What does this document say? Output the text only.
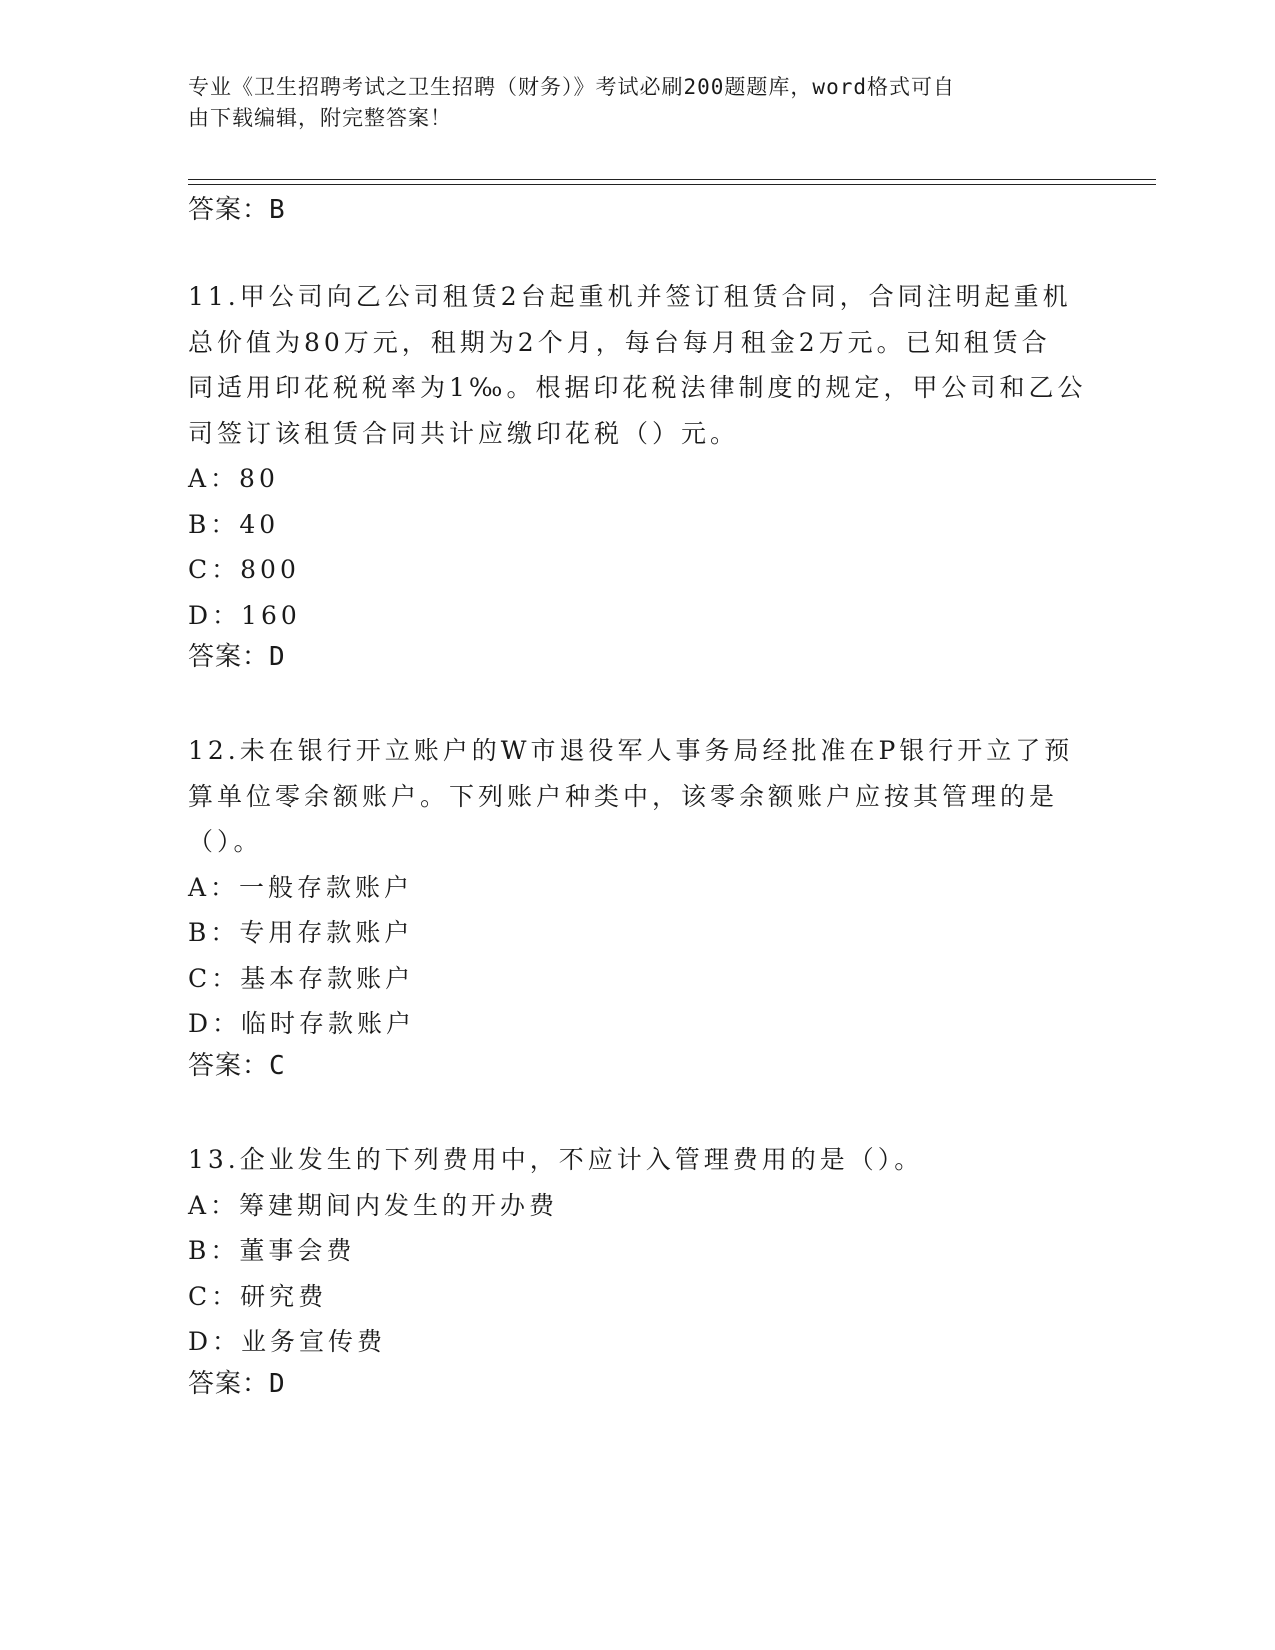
专业《卫生招聘考试之卫生招聘（财务）》考试必刷200题题库，word格式可自
由下载编辑，附完整答案！
答案：B
11.甲公司向乙公司租赁2台起重机并签订租赁合同，合同注明起重机
总价值为80万元，租期为2个月，每台每月租金2万元。已知租赁合
同适用印花税税率为1‰。根据印花税法律制度的规定，甲公司和乙公
司签订该租赁合同共计应缴印花税（）元。
A：80
B：40
C：800
D：160
答案：D
12.未在银行开立账户的W市退役军人事务局经批准在P银行开立了预
算单位零余额账户。下列账户种类中，该零余额账户应按其管理的是
（）。
A：一般存款账户
B：专用存款账户
C：基本存款账户
D：临时存款账户
答案：C
13.企业发生的下列费用中，不应计入管理费用的是（）。
A：筹建期间内发生的开办费
B：董事会费
C：研究费
D：业务宣传费
答案：D
